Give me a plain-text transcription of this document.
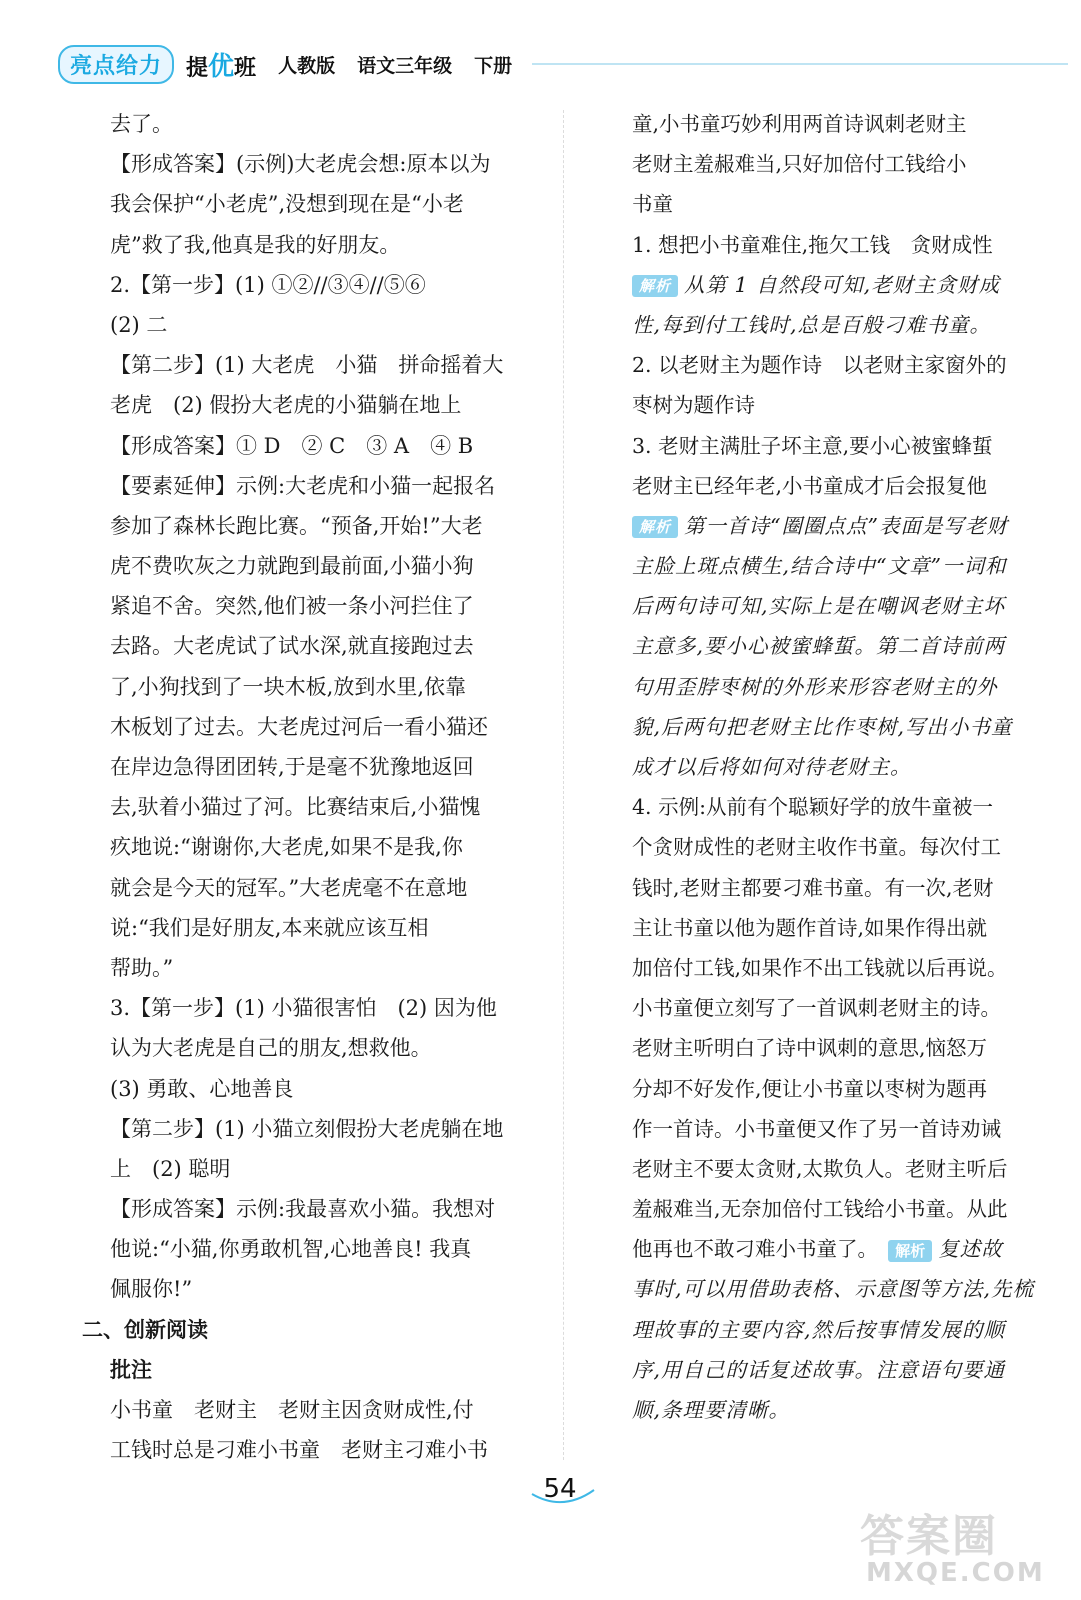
亮点给力	提优班 人教版 语文三年级 下册
去了。
【形成答案】(示例)大老虎会想:原本以为
我会保护“小老虎”,没想到现在是“小老
虎”救了我,他真是我的好朋友。
2.【第一步】(1) ①②//③④//⑤⑥
(2) 二
【第二步】(1) 大老虎　小猫　拼命摇着大
老虎　(2) 假扮大老虎的小猫躺在地上
【形成答案】① D　② C　③ A　④ B
【要素延伸】示例:大老虎和小猫一起报名
参加了森林长跑比赛。“预备,开始!”大老
虎不费吹灰之力就跑到最前面,小猫小狗
紧追不舍。突然,他们被一条小河拦住了
去路。大老虎试了试水深,就直接跑过去
了,小狗找到了一块木板,放到水里,依靠
木板划了过去。大老虎过河后一看小猫还
在岸边急得团团转,于是毫不犹豫地返回
去,驮着小猫过了河。比赛结束后,小猫愧
疚地说:“谢谢你,大老虎,如果不是我,你
就会是今天的冠军。”大老虎毫不在意地
说:“我们是好朋友,本来就应该互相
帮助。”
3.【第一步】(1) 小猫很害怕　(2) 因为他
认为大老虎是自己的朋友,想救他。
(3) 勇敢、心地善良
【第二步】(1) 小猫立刻假扮大老虎躺在地
上　(2) 聪明
【形成答案】示例:我最喜欢小猫。我想对
他说:“小猫,你勇敢机智,心地善良! 我真
佩服你!”
二、创新阅读
批注
小书童　老财主　老财主因贪财成性,付
工钱时总是刁难小书童　老财主刁难小书
童,小书童巧妙利用两首诗讽刺老财主
老财主羞赧难当,只好加倍付工钱给小
书童
1. 想把小书童难住,拖欠工钱　贪财成性
解析 从第 1 自然段可知,老财主贪财成
性,每到付工钱时,总是百般刁难书童。
2. 以老财主为题作诗　以老财主家窗外的
枣树为题作诗
3. 老财主满肚子坏主意,要小心被蜜蜂蜇
老财主已经年老,小书童成才后会报复他
解析 第一首诗“圈圈点点”表面是写老财
主脸上斑点横生,结合诗中“文章”一词和
后两句诗可知,实际上是在嘲讽老财主坏
主意多,要小心被蜜蜂蜇。第二首诗前两
句用歪脖枣树的外形来形容老财主的外
貌,后两句把老财主比作枣树,写出小书童
成才以后将如何对待老财主。
4. 示例:从前有个聪颖好学的放牛童被一
个贪财成性的老财主收作书童。每次付工
钱时,老财主都要刁难书童。有一次,老财
主让书童以他为题作首诗,如果作得出就
加倍付工钱,如果作不出工钱就以后再说。
小书童便立刻写了一首讽刺老财主的诗。
老财主听明白了诗中讽刺的意思,恼怒万
分却不好发作,便让小书童以枣树为题再
作一首诗。小书童便又作了另一首诗劝诫
老财主不要太贪财,太欺负人。老财主听后
羞赧难当,无奈加倍付工钱给小书童。从此
他再也不敢刁难小书童了。　 解析 复述故
事时,可以用借助表格、示意图等方法,先梳
理故事的主要内容,然后按事情发展的顺
序,用自己的话复述故事。注意语句要通
顺,条理要清晰。
54
答案圈
MXQE.COM
